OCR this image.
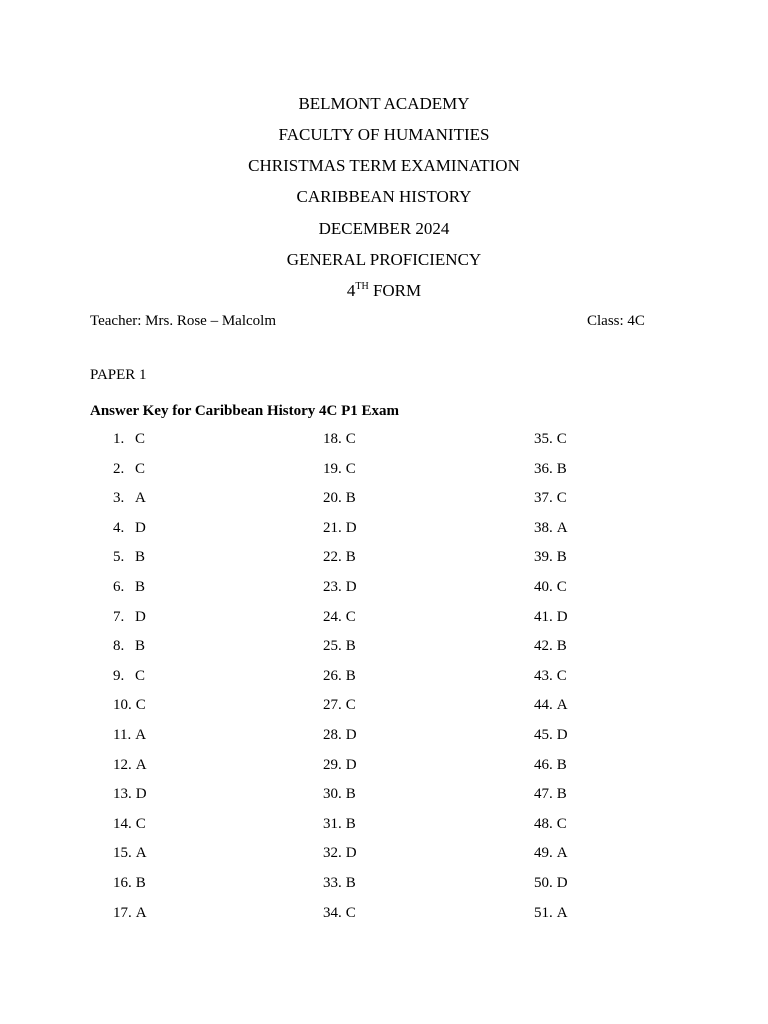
BELMONT ACADEMY
FACULTY OF HUMANITIES
CHRISTMAS TERM EXAMINATION
CARIBBEAN HISTORY
DECEMBER 2024
GENERAL PROFICIENCY
4TH FORM
Teacher: Mrs. Rose – Malcolm	Class: 4C
PAPER 1
Answer Key for Caribbean History 4C P1 Exam
1. C
2. C
3. A
4. D
5. B
6. B
7. D
8. B
9. C
10. C
11. A
12. A
13. D
14. C
15. A
16. B
17. A
18. C
19. C
20. B
21. D
22. B
23. D
24. C
25. B
26. B
27. C
28. D
29. D
30. B
31. B
32. D
33. B
34. C
35. C
36. B
37. C
38. A
39. B
40. C
41. D
42. B
43. C
44. A
45. D
46. B
47. B
48. C
49. A
50. D
51. A
